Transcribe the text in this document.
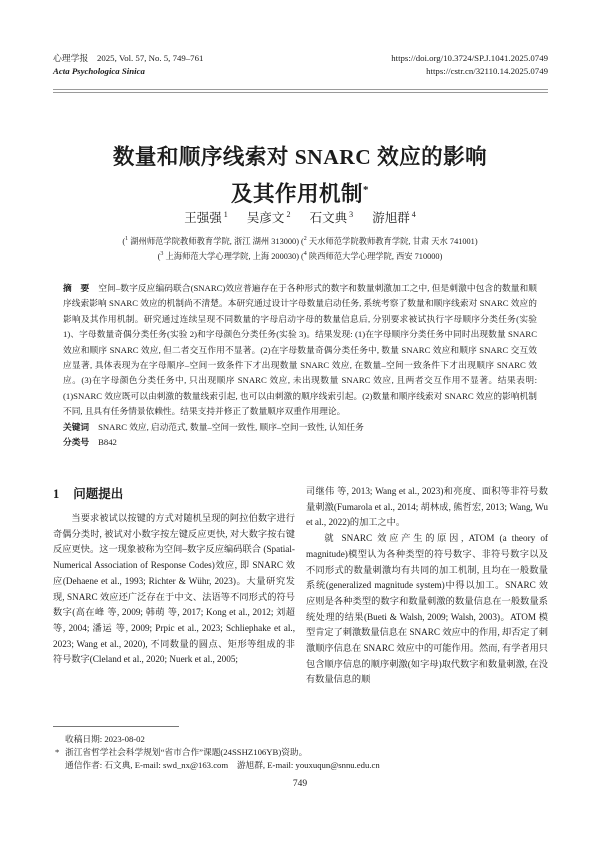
心理学报　2025, Vol. 57, No. 5, 749–761
Acta Psychologica Sinica
https://doi.org/10.3724/SP.J.1041.2025.0749
https://cstr.cn/32110.14.2025.0749
数量和顺序线索对 SNARC 效应的影响
及其作用机制*
王强强 $^1$ 吴彦文 $^2$ 石文典 $^3$ 游旭群 $^4$
($^1$ 湖州师范学院教师教育学院, 浙江 湖州 313000) ($^2$ 天水师范学院教师教育学院, 甘肃 天水 741001)
($^3$ 上海师范大学心理学院, 上海 200030) ($^4$ 陕西师范大学心理学院, 西安 710000)

摘　要 空间–数字反应编码联合(SNARC)效应普遍存在于各种形式的数字和数量刺激加工之中, 但是刺激中包含的数量和顺序线索影响 SNARC 效应的机制尚不清楚。本研究通过设计字母数量启动任务, 系统考察了数量和顺序线索对 SNARC 效应的影响及其作用机制。研究通过连续呈现不同数量的字母启动字母的数量信息后, 分别要求被试执行字母顺序分类任务(实验 1)、字母数量奇偶分类任务(实验 2)和字母颜色分类任务(实验 3)。结果发现: (1)在字母顺序分类任务中同时出现数量 SNARC 效应和顺序 SNARC 效应, 但二者交互作用不显著。(2)在字母数量奇偶分类任务中, 数量 SNARC 效应和顺序 SNARC 交互效应显著, 具体表现为在字母顺序–空间一致条件下才出现数量 SNARC 效应, 在数量–空间一致条件下才出现顺序 SNARC 效应。(3)在字母颜色分类任务中, 只出现顺序 SNARC 效应, 未出现数量 SNARC 效应, 且两者交互作用不显著。结果表明: (1)SNARC 效应既可以由刺激的数量线索引起, 也可以由刺激的顺序线索引起。(2)数量和顺序线索对 SNARC 效应的影响机制不同, 且具有任务情景依赖性。结果支持并修正了数量顺序双重作用理论。

关键词 SNARC 效应, 启动范式, 数量–空间一致性, 顺序–空间一致性, 认知任务

分类号 B842

1 问题提出

当要求被试以按键的方式对随机呈现的阿拉伯数字进行奇偶分类时, 被试对小数字按左键反应更快, 对大数字按右键反应更快。这一现象被称为空间–数字反应编码联合 (Spatial-Numerical Association of Response Codes)效应, 即 SNARC 效应(Dehaene et al., 1993; Richter & Wühr, 2023)。大量研究发现, SNARC 效应还广泛存在于中文、法语等不同形式的符号数字(高在峰 等, 2009; 韩萌 等, 2017; Kong et al., 2012; 刘超 等, 2004; 潘运 等, 2009; Prpic et al., 2023; Schliephake et al., 2023; Wang et al., 2020), 不同数量的圆点、矩形等组成的非符号数字(Cleland et al., 2020; Nuerk et al., 2005;

司继伟 等, 2013; Wang et al., 2023)和亮度、面积等非符号数量刺激(Fumarola et al., 2014; 胡林成, 熊哲宏, 2013; Wang, Wu et al., 2022)的加工之中。

就 SNARC 效应产生的原因, ATOM (a theory of magnitude)模型认为各种类型的符号数字、非符号数字以及不同形式的数量刺激均有共同的加工机制, 且均在一般数量系统(generalized magnitude system)中得以加工。SNARC 效应则是各种类型的数字和数量刺激的数量信息在一般数量系统处理的结果(Bueti & Walsh, 2009; Walsh, 2003)。ATOM 模型肯定了刺激数量信息在 SNARC 效应中的作用, 却否定了刺激顺序信息在 SNARC 效应中的可能作用。然而, 有学者用只包含顺序信息的顺序刺激(如字母)取代数字和数量刺激, 在没有数量信息的顺

收稿日期: 2023-08-02
* 浙江省哲学社会科学规划“省市合作”课题(24SSHZ106YB)资助。
通信作者: 石文典, E-mail: swd_nx@163.com　游旭群, E-mail: youxuqun@snnu.edu.cn
749
